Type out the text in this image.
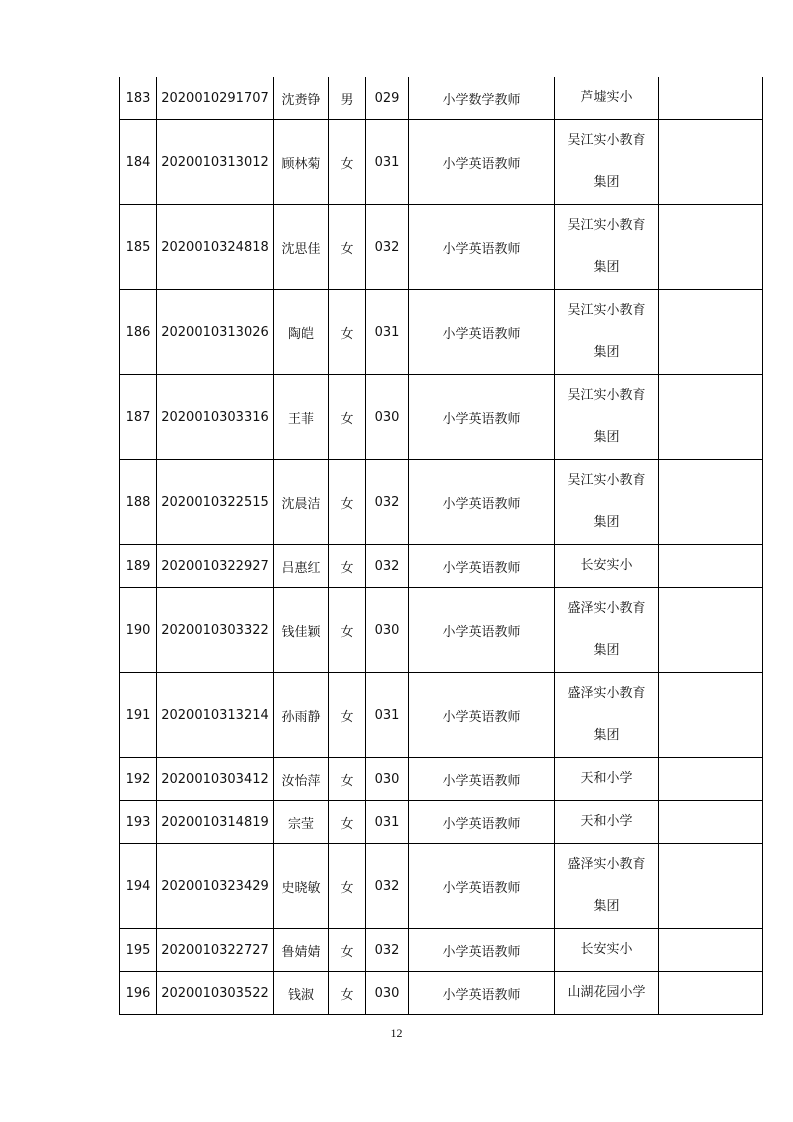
183	2020010291707	沈赉铮	男	029	小学数学教师	芦墟实小	

184	2020010313012	顾林菊	女	031	小学英语教师	吴江实小教育
集团	

185	2020010324818	沈思佳	女	032	小学英语教师	吴江实小教育
集团	

186	2020010313026	陶皑	女	031	小学英语教师	吴江实小教育
集团	

187	2020010303316	王菲	女	030	小学英语教师	吴江实小教育
集团	

188	2020010322515	沈晨洁	女	032	小学英语教师	吴江实小教育
集团	

189	2020010322927	吕惠红	女	032	小学英语教师	长安实小	

190	2020010303322	钱佳颖	女	030	小学英语教师	盛泽实小教育
集团	

191	2020010313214	孙雨静	女	031	小学英语教师	盛泽实小教育
集团	

192	2020010303412	汝怡萍	女	030	小学英语教师	天和小学	

193	2020010314819	宗莹	女	031	小学英语教师	天和小学	

194	2020010323429	史晓敏	女	032	小学英语教师	盛泽实小教育
集团	

195	2020010322727	鲁婧婧	女	032	小学英语教师	长安实小	

196	2020010303522	钱淑	女	030	小学英语教师	山湖花园小学	

12
